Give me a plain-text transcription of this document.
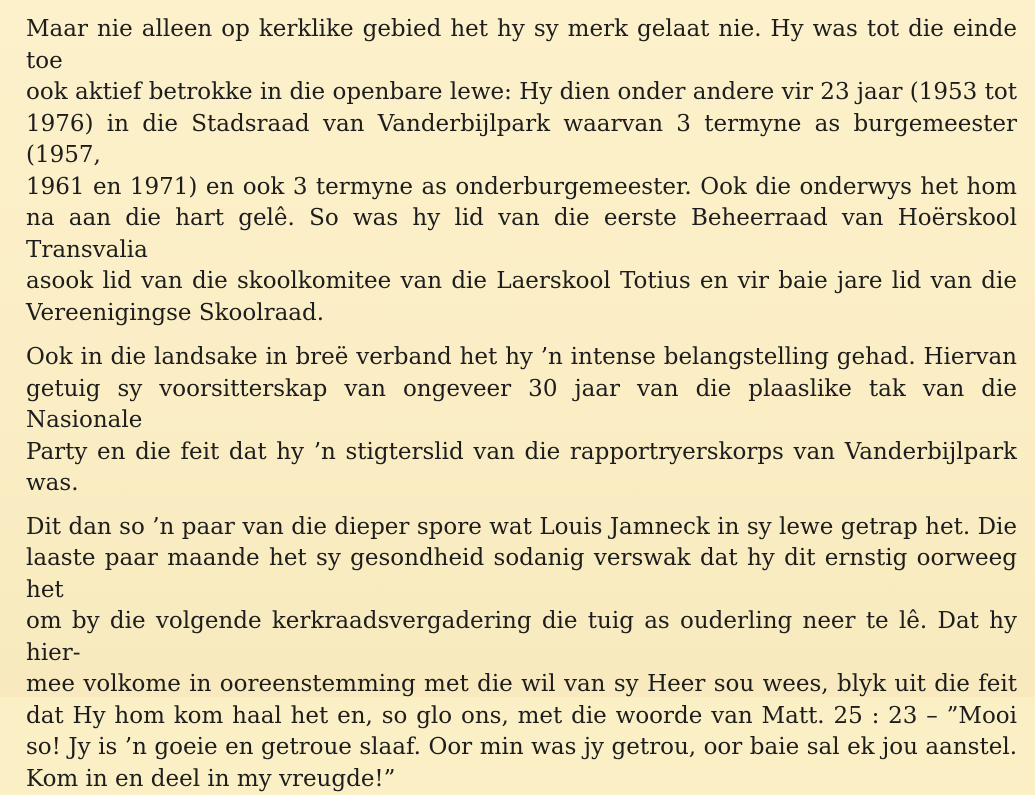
Maar nie alleen op kerklike gebied het hy sy merk gelaat nie. Hy was tot die einde toe
ook aktief betrokke in die openbare lewe: Hy dien onder andere vir 23 jaar (1953 tot
1976) in die Stadsraad van Vanderbijlpark waarvan 3 termyne as burgemeester (1957,
1961 en 1971) en ook 3 termyne as onderburgemeester. Ook die onderwys het hom
na aan die hart gelê. So was hy lid van die eerste Beheerraad van Hoërskool Transvalia
asook lid van die skoolkomitee van die Laerskool Totius en vir baie jare lid van die
Vereenigingse Skoolraad.
Ook in die landsake in breë verband het hy ’n intense belangstelling gehad. Hiervan
getuig sy voorsitterskap van ongeveer 30 jaar van die plaaslike tak van die Nasionale
Party en die feit dat hy ’n stigterslid van die rapportryerskorps van Vanderbijlpark
was.
Dit dan so ’n paar van die dieper spore wat Louis Jamneck in sy lewe getrap het. Die
laaste paar maande het sy gesondheid sodanig verswak dat hy dit ernstig oorweeg het
om by die volgende kerkraadsvergadering die tuig as ouderling neer te lê. Dat hy hier-
mee volkome in ooreenstemming met die wil van sy Heer sou wees, blyk uit die feit
dat Hy hom kom haal het en, so glo ons, met die woorde van Matt. 25 : 23 – ”Mooi
so! Jy is ’n goeie en getroue slaaf. Oor min was jy getrou, oor baie sal ek jou aanstel.
Kom in en deel in my vreugde!”
